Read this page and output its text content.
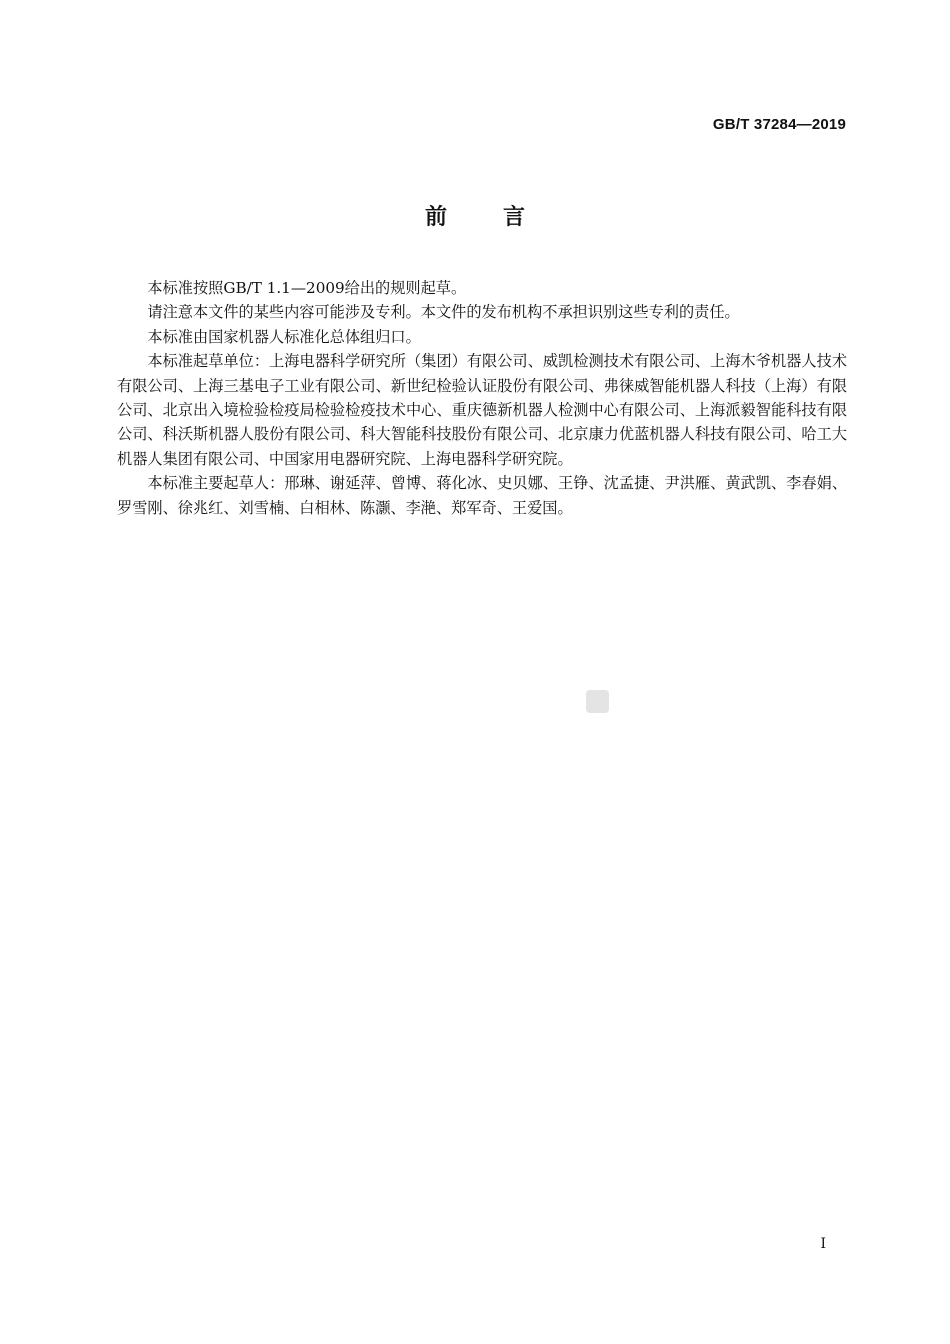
GB/T 37284—2019
前	言

本标准按照GB/T 1.1—2009给出的规则起草。

请注意本文件的某些内容可能涉及专利。本文件的发布机构不承担识别这些专利的责任。

本标准由国家机器人标准化总体组归口。

本标准起草单位：上海电器科学研究所（集团）有限公司、威凯检测技术有限公司、上海木爷机器人技术有限公司、上海三基电子工业有限公司、新世纪检验认证股份有限公司、弗徕威智能机器人科技（上海）有限公司、北京出入境检验检疫局检验检疫技术中心、重庆德新机器人检测中心有限公司、上海派毅智能科技有限公司、科沃斯机器人股份有限公司、科大智能科技股份有限公司、北京康力优蓝机器人科技有限公司、哈工大机器人集团有限公司、中国家用电器研究院、上海电器科学研究院。

本标准主要起草人：邢琳、谢延萍、曾博、蒋化冰、史贝娜、王铮、沈孟捷、尹洪雁、黄武凯、李春娟、罗雪刚、徐兆红、刘雪楠、白相林、陈灏、李滟、郑军奇、王爱国。

I
